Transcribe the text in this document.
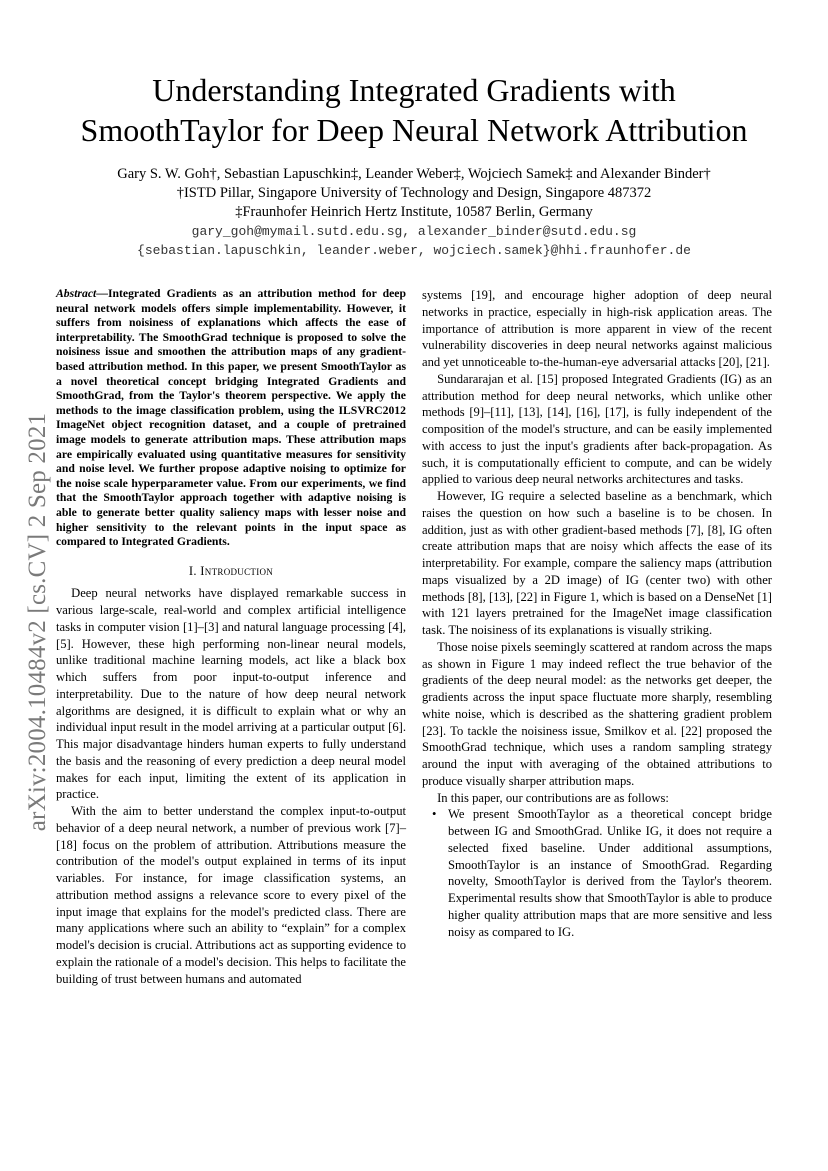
arXiv:2004.10484v2 [cs.CV] 2 Sep 2021
Understanding Integrated Gradients with
SmoothTaylor for Deep Neural Network Attribution
Gary S. W. Goh†, Sebastian Lapuschkin‡, Leander Weber‡, Wojciech Samek‡ and Alexander Binder†
†ISTD Pillar, Singapore University of Technology and Design, Singapore 487372
‡Fraunhofer Heinrich Hertz Institute, 10587 Berlin, Germany
gary_goh@mymail.sutd.edu.sg, alexander_binder@sutd.edu.sg
{sebastian.lapuschkin, leander.weber, wojciech.samek}@hhi.fraunhofer.de

Abstract—Integrated Gradients as an attribution method for deep neural network models offers simple implementability. However, it suffers from noisiness of explanations which affects the ease of interpretability. The SmoothGrad technique is proposed to solve the noisiness issue and smoothen the attribution maps of any gradient-based attribution method. In this paper, we present SmoothTaylor as a novel theoretical concept bridging Integrated Gradients and SmoothGrad, from the Taylor's theorem perspective. We apply the methods to the image classification problem, using the ILSVRC2012 ImageNet object recognition dataset, and a couple of pretrained image models to generate attribution maps. These attribution maps are empirically evaluated using quantitative measures for sensitivity and noise level. We further propose adaptive noising to optimize for the noise scale hyperparameter value. From our experiments, we find that the SmoothTaylor approach together with adaptive noising is able to generate better quality saliency maps with lesser noise and higher sensitivity to the relevant points in the input space as compared to Integrated Gradients.

I. Introduction

Deep neural networks have displayed remarkable success in various large-scale, real-world and complex artificial intelligence tasks in computer vision [1]–[3] and natural language processing [4], [5]. However, these high performing non-linear neural models, unlike traditional machine learning models, act like a black box which suffers from poor input-to-output inference and interpretability. Due to the nature of how deep neural network algorithms are designed, it is difficult to explain what or why an individual input result in the model arriving at a particular output [6]. This major disadvantage hinders human experts to fully understand the basis and the reasoning of every prediction a deep neural model makes for each input, limiting the extent of its application in practice.

With the aim to better understand the complex input-to-output behavior of a deep neural network, a number of previous work [7]–[18] focus on the problem of attribution. Attributions measure the contribution of the model's output explained in terms of its input variables. For instance, for image classification systems, an attribution method assigns a relevance score to every pixel of the input image that explains for the model's predicted class. There are many applications where such an ability to “explain” for a complex model's decision is crucial. Attributions act as supporting evidence to explain the rationale of a model's decision. This helps to facilitate the building of trust between humans and automated

systems [19], and encourage higher adoption of deep neural networks in practice, especially in high-risk application areas. The importance of attribution is more apparent in view of the recent vulnerability discoveries in deep neural networks against malicious and yet unnoticeable to-the-human-eye adversarial attacks [20], [21].

Sundararajan et al. [15] proposed Integrated Gradients (IG) as an attribution method for deep neural networks, which unlike other methods [9]–[11], [13], [14], [16], [17], is fully independent of the composition of the model's structure, and can be easily implemented with access to just the input's gradients after back-propagation. As such, it is computationally efficient to compute, and can be widely applied to various deep neural networks architectures and tasks.

However, IG require a selected baseline as a benchmark, which raises the question on how such a baseline is to be chosen. In addition, just as with other gradient-based methods [7], [8], IG often create attribution maps that are noisy which affects the ease of its interpretability. For example, compare the saliency maps (attribution maps visualized by a 2D image) of IG (center two) with other methods [8], [13], [22] in Figure 1, which is based on a DenseNet [1] with 121 layers pretrained for the ImageNet image classification task. The noisiness of its explanations is visually striking.

Those noise pixels seemingly scattered at random across the maps as shown in Figure 1 may indeed reflect the true behavior of the gradients of the deep neural model: as the networks get deeper, the gradients across the input space fluctuate more sharply, resembling white noise, which is described as the shattering gradient problem [23]. To tackle the noisiness issue, Smilkov et al. [22] proposed the SmoothGrad technique, which uses a random sampling strategy around the input with averaging of the obtained attributions to produce visually sharper attribution maps.

In this paper, our contributions are as follows:

• We present SmoothTaylor as a theoretical concept bridge between IG and SmoothGrad. Unlike IG, it does not require a selected fixed baseline. Under additional assumptions, SmoothTaylor is an instance of SmoothGrad. Regarding novelty, SmoothTaylor is derived from the Taylor's theorem. Experimental results show that SmoothTaylor is able to produce higher quality attribution maps that are more sensitive and less noisy as compared to IG.
